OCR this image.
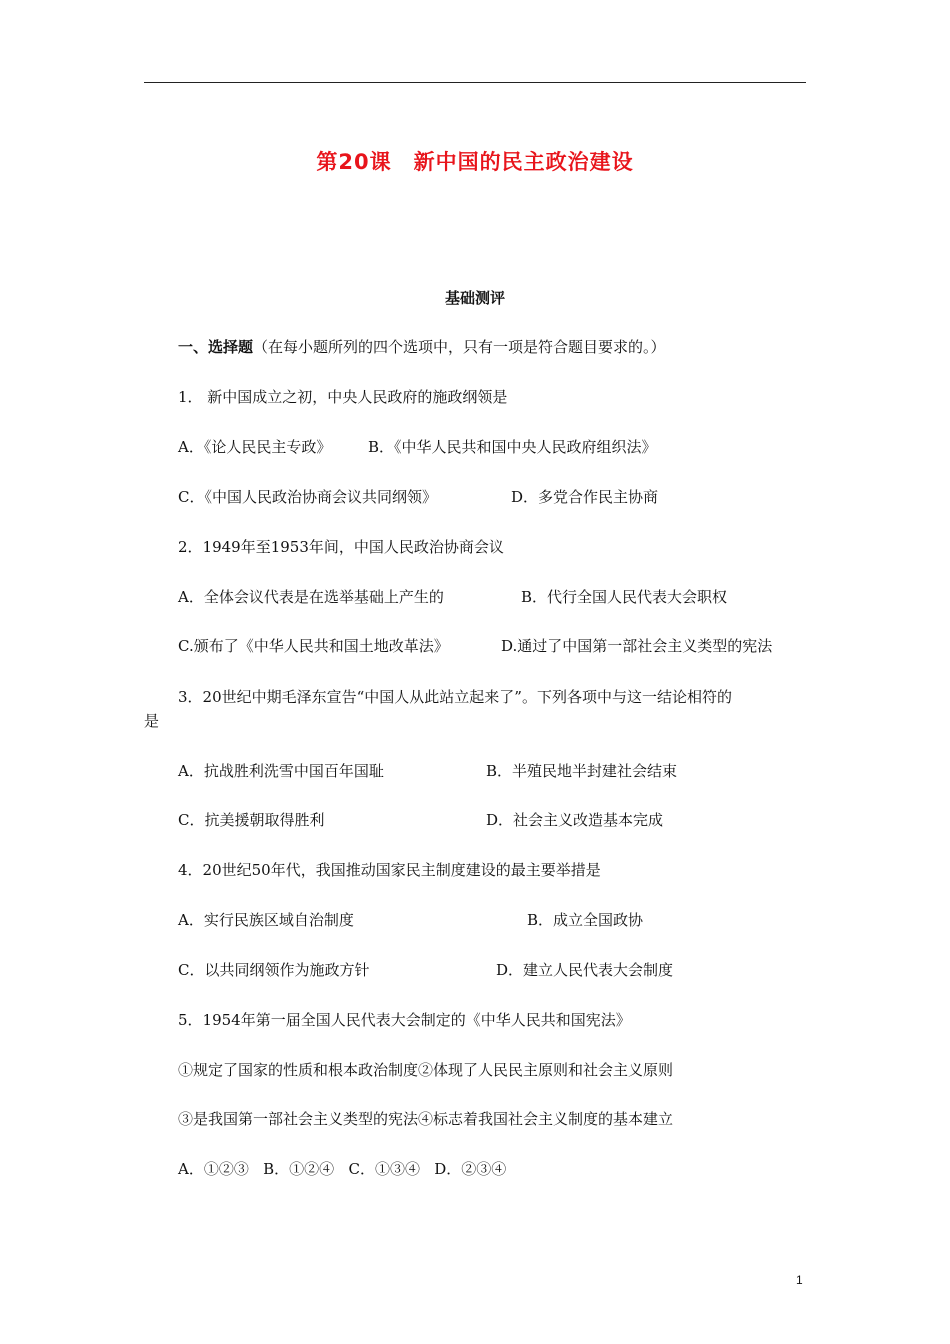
第20课　新中国的民主政治建设
基础测评
一、选择题（在每小题所列的四个选项中，只有一项是符合题目要求的。）
1． 新中国成立之初，中央人民政府的施政纲领是
A．《论人民民主专政》 B．《中华人民共和国中央人民政府组织法》
C．《中国人民政治协商会议共同纲领》	D．多党合作民主协商
2．1949年至1953年间，中国人民政治协商会议
A．全体会议代表是在选举基础上产生的	B．代行全国人民代表大会职权
C.颁布了《中华人民共和国土地改革法》	D.通过了中国第一部社会主义类型的宪法
3．20世纪中期毛泽东宣告“中国人从此站立起来了”。下列各项中与这一结论相符的
是
A．抗战胜利洗雪中国百年国耻	B．半殖民地半封建社会结束
C．抗美援朝取得胜利	D．社会主义改造基本完成
4．20世纪50年代，我国推动国家民主制度建设的最主要举措是
A．实行民族区域自治制度	B．成立全国政协
C．以共同纲领作为施政方针	D．建立人民代表大会制度
5．1954年第一届全国人民代表大会制定的《中华人民共和国宪法》
①规定了国家的性质和根本政治制度②体现了人民民主原则和社会主义原则
③是我国第一部社会主义类型的宪法④标志着我国社会主义制度的基本建立
A．①②③   B．①②④   C．①③④   D．②③④
1
